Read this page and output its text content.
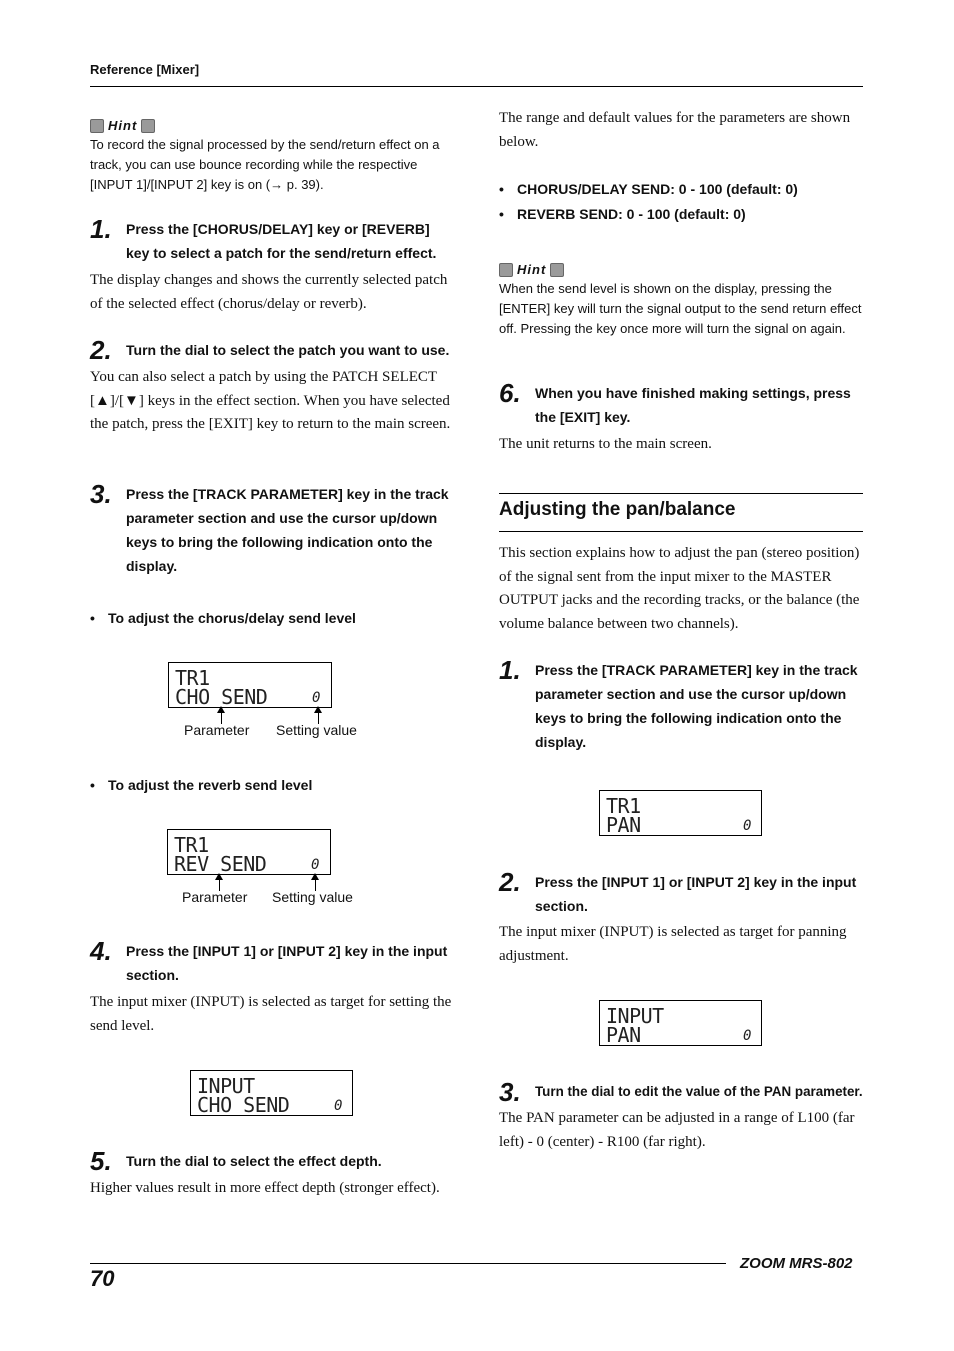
Reference [Mixer]
Hint
To record the signal processed by the send/return effect on a track, you can use bounce recording while the respective [INPUT 1]/[INPUT 2] key is on (→ p. 39).
1.	Press the [CHORUS/DELAY] key or [REVERB] key to select a patch for the send/return effect.
The display changes and shows the currently selected patch of the selected effect (chorus/delay or reverb).
2.	Turn the dial to select the patch you want to use.
You can also select a patch by using the PATCH SELECT [▲]/[▼] keys in the effect section. When you have selected the patch, press the [EXIT] key to return to the main screen.
3.	Press the [TRACK PARAMETER] key in the track parameter section and use the cursor up/down keys to bring the following indication onto the display.
• To adjust the chorus/delay send level
TR1
CHO SEND	0
Parameter Setting value
• To adjust the reverb send level
TR1
REV SEND	0
Parameter Setting value
4.	Press the [INPUT 1] or [INPUT 2] key in the input section.
The input mixer (INPUT) is selected as target for setting the send level.
INPUT
CHO SEND	0
5.	Turn the dial to select the effect depth.
Higher values result in more effect depth (stronger effect).
The range and default values for the parameters are shown below.
• CHORUS/DELAY SEND: 0 - 100 (default: 0)
• REVERB SEND: 0 - 100 (default: 0)
Hint
When the send level is shown on the display, pressing the [ENTER] key will turn the signal output to the send return effect off. Pressing the key once more will turn the signal on again.
6.	When you have finished making settings, press the [EXIT] key.
The unit returns to the main screen.
Adjusting the pan/balance
This section explains how to adjust the pan (stereo position) of the signal sent from the input mixer to the MASTER OUTPUT jacks and the recording tracks, or the balance (the volume balance between two channels).
1.	Press the [TRACK PARAMETER] key in the track parameter section and use the cursor up/down keys to bring the following indication onto the display.
TR1
PAN	0
2.	Press the [INPUT 1] or [INPUT 2] key in the input section.
The input mixer (INPUT) is selected as target for panning adjustment.
INPUT
PAN	0
3.	Turn the dial to edit the value of the PAN parameter.
The PAN parameter can be adjusted in a range of L100 (far left) - 0 (center) - R100 (far right).
ZOOM MRS-802
70
